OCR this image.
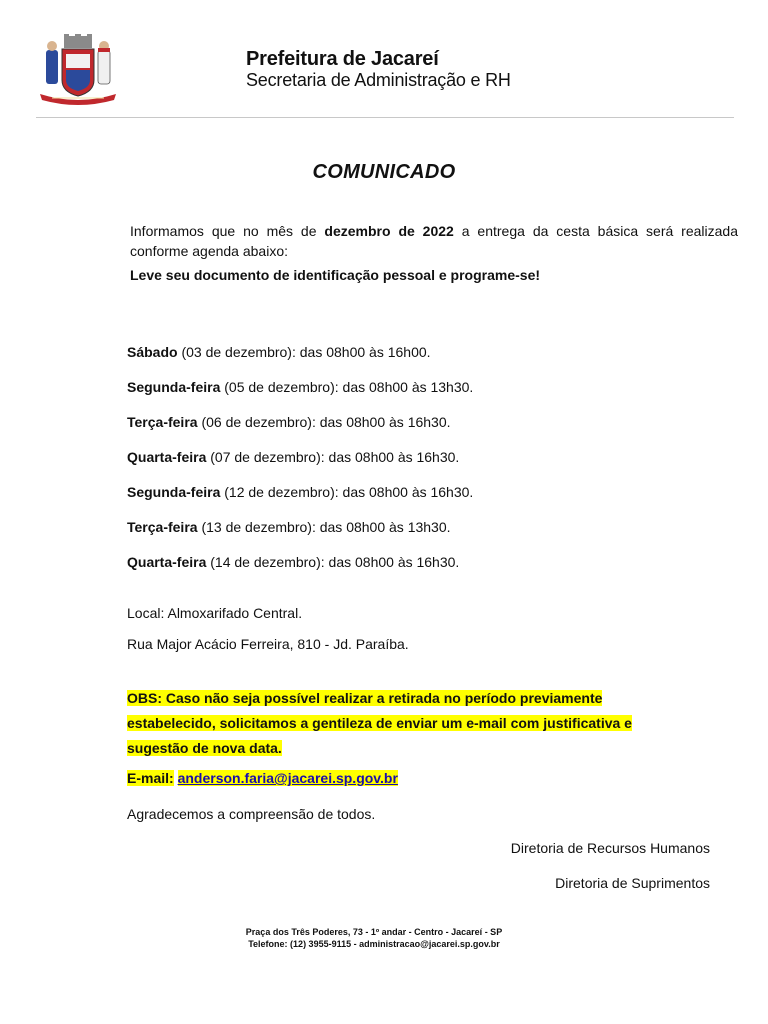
Prefeitura de Jacareí
Secretaria de Administração e RH
COMUNICADO

Informamos que no mês de dezembro de 2022 a entrega da cesta básica será realizada conforme agenda abaixo:

Leve seu documento de identificação pessoal e programe-se!

Sábado (03 de dezembro): das 08h00 às 16h00.
Segunda-feira (05 de dezembro): das 08h00 às 13h30.
Terça-feira (06 de dezembro): das 08h00 às 16h30.
Quarta-feira (07 de dezembro): das 08h00 às 16h30.
Segunda-feira (12 de dezembro): das 08h00 às 16h30.
Terça-feira (13 de dezembro): das 08h00 às 13h30.
Quarta-feira (14 de dezembro): das 08h00 às 16h30.
Local: Almoxarifado Central.
Rua Major Acácio Ferreira, 810 - Jd. Paraíba.
OBS: Caso não seja possível realizar a retirada no período previamente
estabelecido, solicitamos a gentileza de enviar um e-mail com justificativa e
sugestão de nova data.
E-mail: anderson.faria@jacarei.sp.gov.br
Agradecemos a compreensão de todos.
Diretoria de Recursos Humanos
Diretoria de Suprimentos
Praça dos Três Poderes, 73 - 1º andar - Centro - Jacareí - SP
Telefone: (12) 3955-9115 - administracao@jacarei.sp.gov.br
